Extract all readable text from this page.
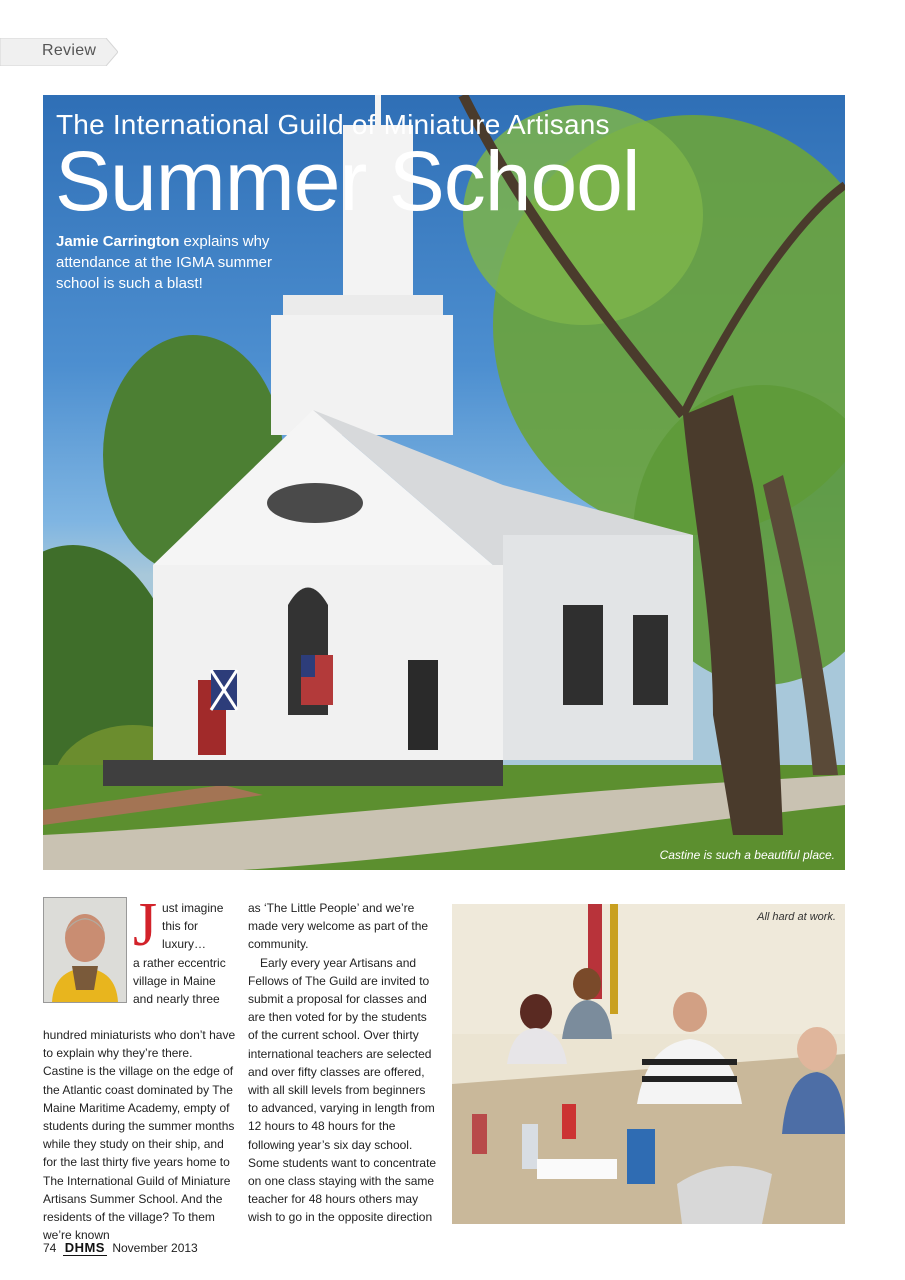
Review
The International Guild of Miniature Artisans
Summer School
Jamie Carrington explains why attendance at the IGMA summer school is such a blast!
Castine is such a beautiful place.
J ust imagine this for luxury…
a rather eccentric village in Maine and nearly three
hundred miniaturists who don’t have to explain why they’re there. Castine is the village on the edge of the Atlantic coast dominated by The Maine Maritime Academy, empty of students during the summer months while they study on their ship, and for the last thirty five years home to The International Guild of Miniature Artisans Summer School. And the residents of the village? To them we’re known

as ‘The Little People’ and we’re made very welcome as part of the community.

Early every year Artisans and Fellows of The Guild are invited to submit a proposal for classes and are then voted for by the students of the current school. Over thirty international teachers are selected and over fifty classes are offered, with all skill levels from beginners to advanced, varying in length from 12 hours to 48 hours for the following year’s six day school. Some students want to concentrate on one class staying with the same teacher for 48 hours others may wish to go in the opposite direction

All hard at work.
74 DHMS November 2013
